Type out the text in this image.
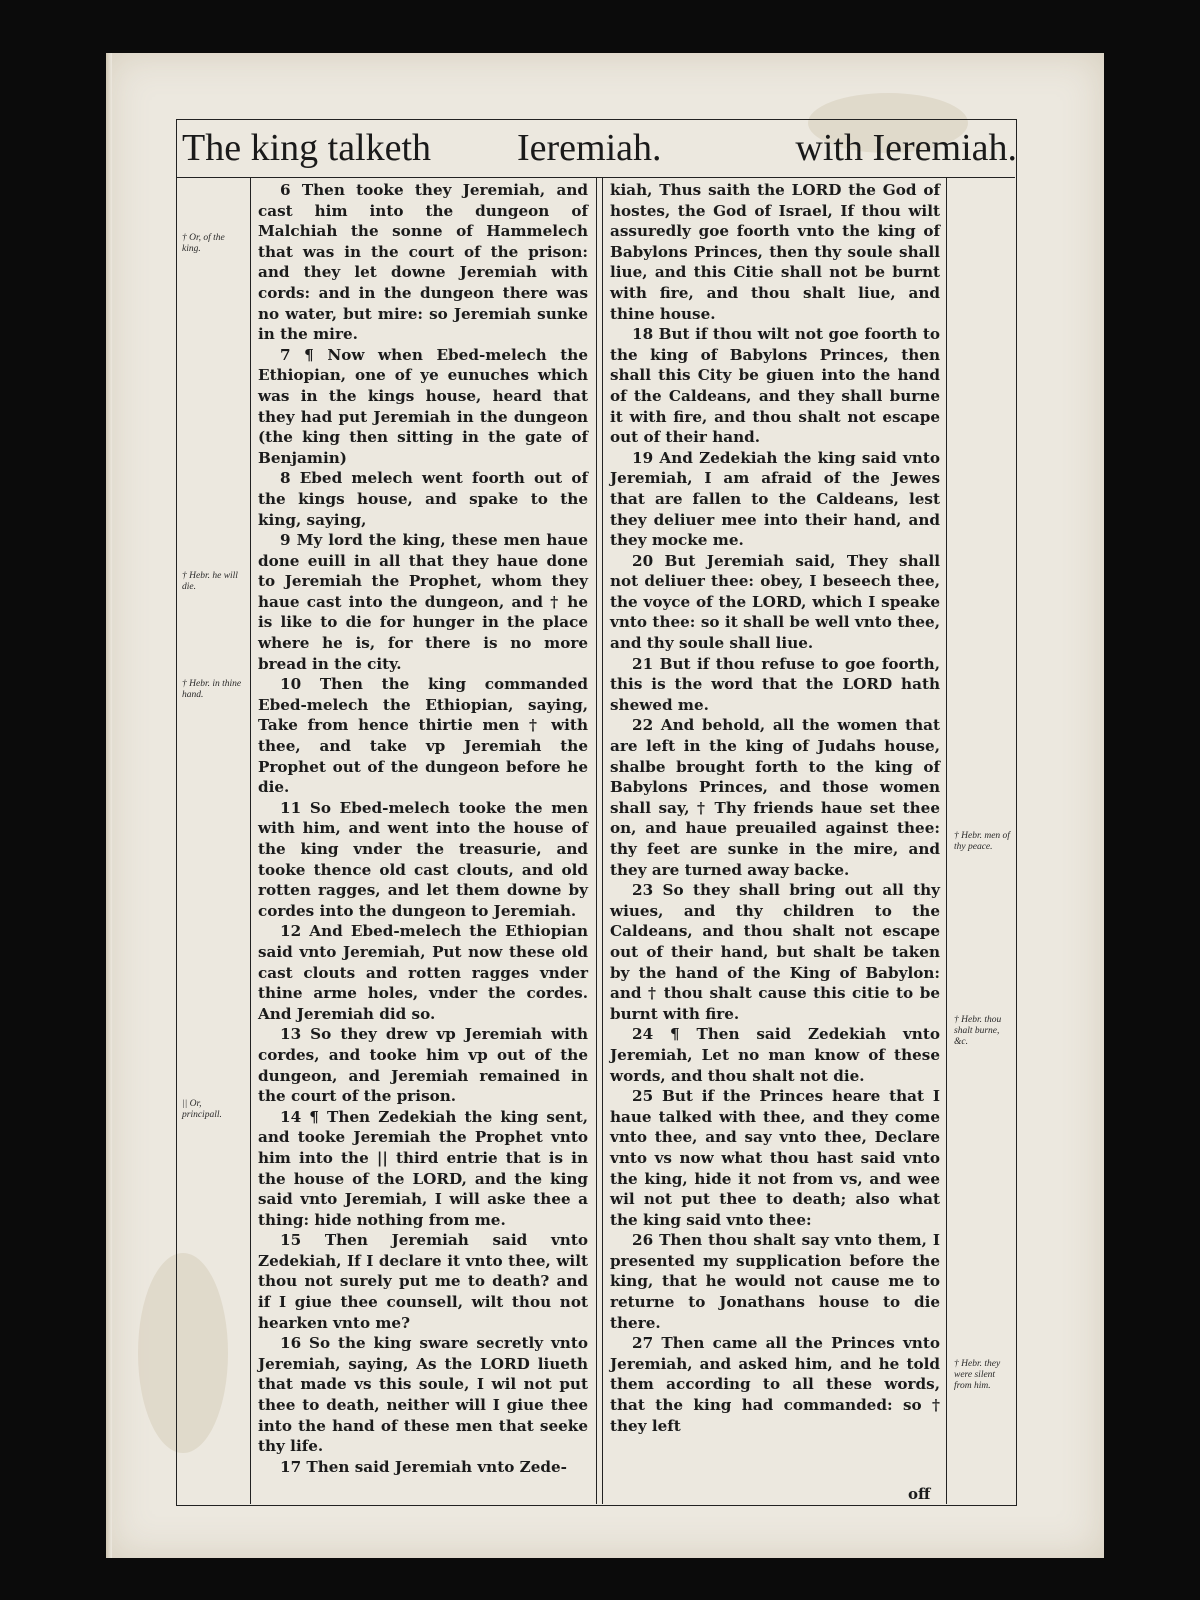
The king talketh Ieremiah.	with Ieremiah.
† Or, of the king.
† Hebr. he will die.
† Hebr. in thine hand.
|| Or, principall.
† Hebr. men of thy peace.
† Hebr. thou shalt burne, &c.
† Hebr. they were silent from him.

6 Then tooke they Jeremiah, and cast him into the dungeon of Malchiah the sonne of Hammelech that was in the court of the prison: and they let downe Jeremiah with cords: and in the dungeon there was no water, but mire: so Jeremiah sunke in the mire.

7 ¶ Now when Ebed-melech the Ethiopian, one of ye eunuches which was in the kings house, heard that they had put Jeremiah in the dungeon (the king then sitting in the gate of Benjamin)

8 Ebed melech went foorth out of the kings house, and spake to the king, saying,

9 My lord the king, these men haue done euill in all that they haue done to Jeremiah the Prophet, whom they haue cast into the dungeon, and † he is like to die for hunger in the place where he is, for there is no more bread in the city.

10 Then the king commanded Ebed-melech the Ethiopian, saying, Take from hence thirtie men † with thee, and take vp Jeremiah the Prophet out of the dungeon before he die.

11 So Ebed-melech tooke the men with him, and went into the house of the king vnder the treasurie, and tooke thence old cast clouts, and old rotten ragges, and let them downe by cordes into the dungeon to Jeremiah.

12 And Ebed-melech the Ethiopian said vnto Jeremiah, Put now these old cast clouts and rotten ragges vnder thine arme holes, vnder the cordes. And Jeremiah did so.

13 So they drew vp Jeremiah with cordes, and tooke him vp out of the dungeon, and Jeremiah remained in the court of the prison.

14 ¶ Then Zedekiah the king sent, and tooke Jeremiah the Prophet vnto him into the || third entrie that is in the house of the LORD, and the king said vnto Jeremiah, I will aske thee a thing: hide nothing from me.

15 Then Jeremiah said vnto Zedekiah, If I declare it vnto thee, wilt thou not surely put me to death? and if I giue thee counsell, wilt thou not hearken vnto me?

16 So the king sware secretly vnto Jeremiah, saying, As the LORD liueth that made vs this soule, I wil not put thee to death, neither will I giue thee into the hand of these men that seeke thy life.

17 Then said Jeremiah vnto Zede-

kiah, Thus saith the LORD the God of hostes, the God of Israel, If thou wilt assuredly goe foorth vnto the king of Babylons Princes, then thy soule shall liue, and this Citie shall not be burnt with fire, and thou shalt liue, and thine house.

18 But if thou wilt not goe foorth to the king of Babylons Princes, then shall this City be giuen into the hand of the Caldeans, and they shall burne it with fire, and thou shalt not escape out of their hand.

19 And Zedekiah the king said vnto Jeremiah, I am afraid of the Jewes that are fallen to the Caldeans, lest they deliuer mee into their hand, and they mocke me.

20 But Jeremiah said, They shall not deliuer thee: obey, I beseech thee, the voyce of the LORD, which I speake vnto thee: so it shall be well vnto thee, and thy soule shall liue.

21 But if thou refuse to goe foorth, this is the word that the LORD hath shewed me.

22 And behold, all the women that are left in the king of Judahs house, shalbe brought forth to the king of Babylons Princes, and those women shall say, † Thy friends haue set thee on, and haue preuailed against thee: thy feet are sunke in the mire, and they are turned away backe.

23 So they shall bring out all thy wiues, and thy children to the Caldeans, and thou shalt not escape out of their hand, but shalt be taken by the hand of the King of Babylon: and † thou shalt cause this citie to be burnt with fire.

24 ¶ Then said Zedekiah vnto Jeremiah, Let no man know of these words, and thou shalt not die.

25 But if the Princes heare that I haue talked with thee, and they come vnto thee, and say vnto thee, Declare vnto vs now what thou hast said vnto the king, hide it not from vs, and wee wil not put thee to death; also what the king said vnto thee:

26 Then thou shalt say vnto them, I presented my supplication before the king, that he would not cause me to returne to Jonathans house to die there.

27 Then came all the Princes vnto Jeremiah, and asked him, and he told them according to all these words, that the king had commanded: so † they left

off
